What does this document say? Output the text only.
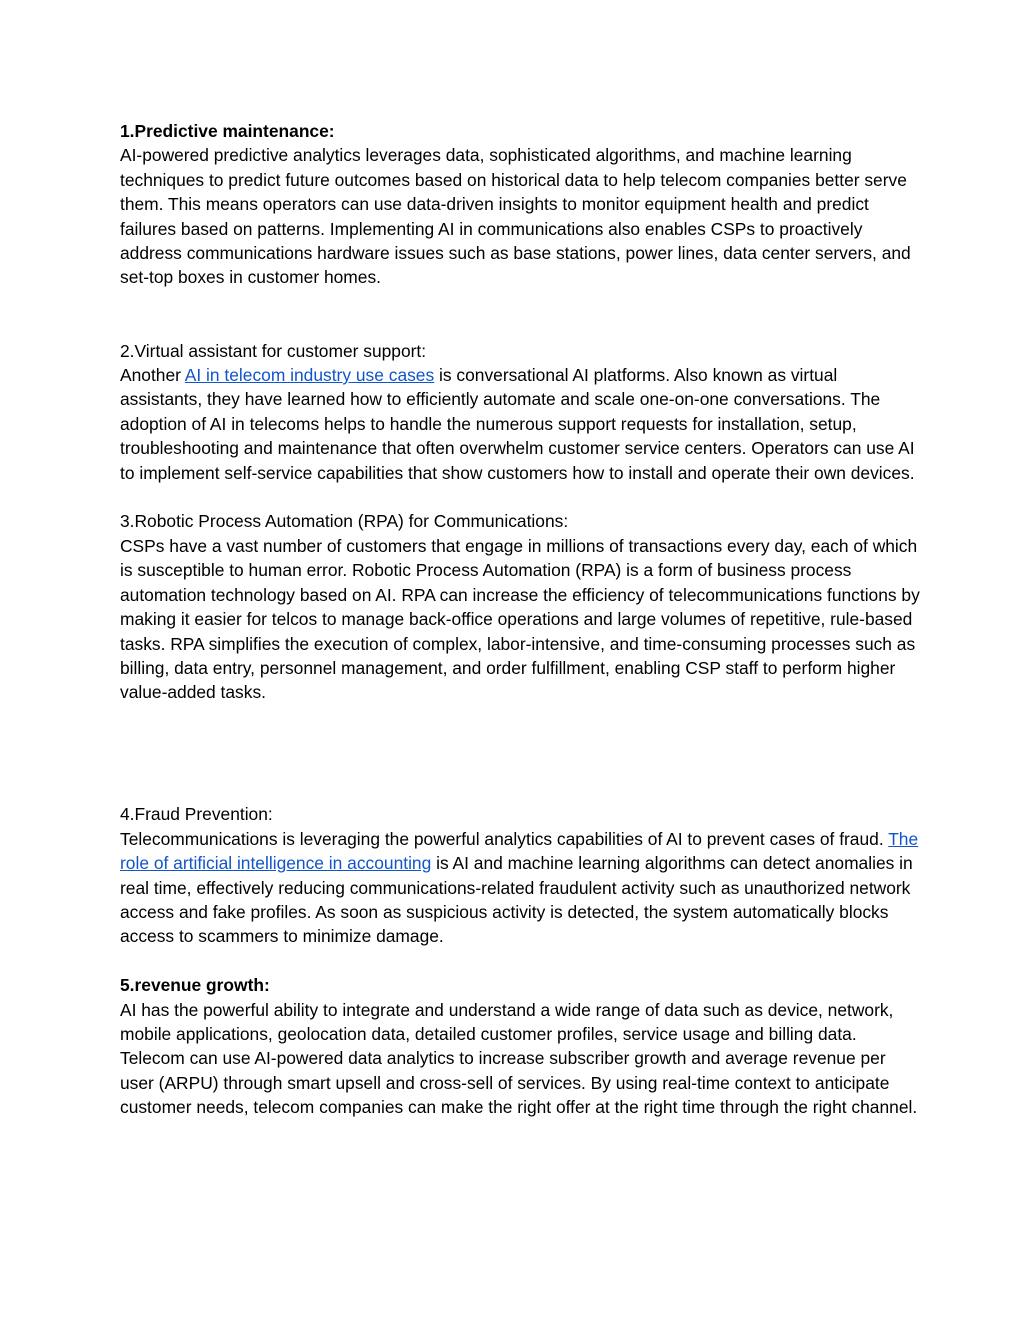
1.Predictive maintenance:

AI-powered predictive analytics leverages data, sophisticated algorithms, and machine learning techniques to predict future outcomes based on historical data to help telecom companies better serve them. This means operators can use data-driven insights to monitor equipment health and predict failures based on patterns. Implementing AI in communications also enables CSPs to proactively address communications hardware issues such as base stations, power lines, data center servers, and set-top boxes in customer homes.

2.Virtual assistant for customer support:

Another AI in telecom industry use cases is conversational AI platforms. Also known as virtual assistants, they have learned how to efficiently automate and scale one-on-one conversations. The adoption of AI in telecoms helps to handle the numerous support requests for installation, setup, troubleshooting and maintenance that often overwhelm customer service centers. Operators can use AI to implement self-service capabilities that show customers how to install and operate their own devices.

3.Robotic Process Automation (RPA) for Communications:

CSPs have a vast number of customers that engage in millions of transactions every day, each of which is susceptible to human error. Robotic Process Automation (RPA) is a form of business process automation technology based on AI. RPA can increase the efficiency of telecommunications functions by making it easier for telcos to manage back-office operations and large volumes of repetitive, rule-based tasks. RPA simplifies the execution of complex, labor-intensive, and time-consuming processes such as billing, data entry, personnel management, and order fulfillment, enabling CSP staff to perform higher value-added tasks.

4.Fraud Prevention:

Telecommunications is leveraging the powerful analytics capabilities of AI to prevent cases of fraud. The role of artificial intelligence in accounting is AI and machine learning algorithms can detect anomalies in real time, effectively reducing communications-related fraudulent activity such as unauthorized network access and fake profiles. As soon as suspicious activity is detected, the system automatically blocks access to scammers to minimize damage.

5.revenue growth:

AI has the powerful ability to integrate and understand a wide range of data such as device, network, mobile applications, geolocation data, detailed customer profiles, service usage and billing data. Telecom can use AI-powered data analytics to increase subscriber growth and average revenue per user (ARPU) through smart upsell and cross-sell of services. By using real-time context to anticipate customer needs, telecom companies can make the right offer at the right time through the right channel.
